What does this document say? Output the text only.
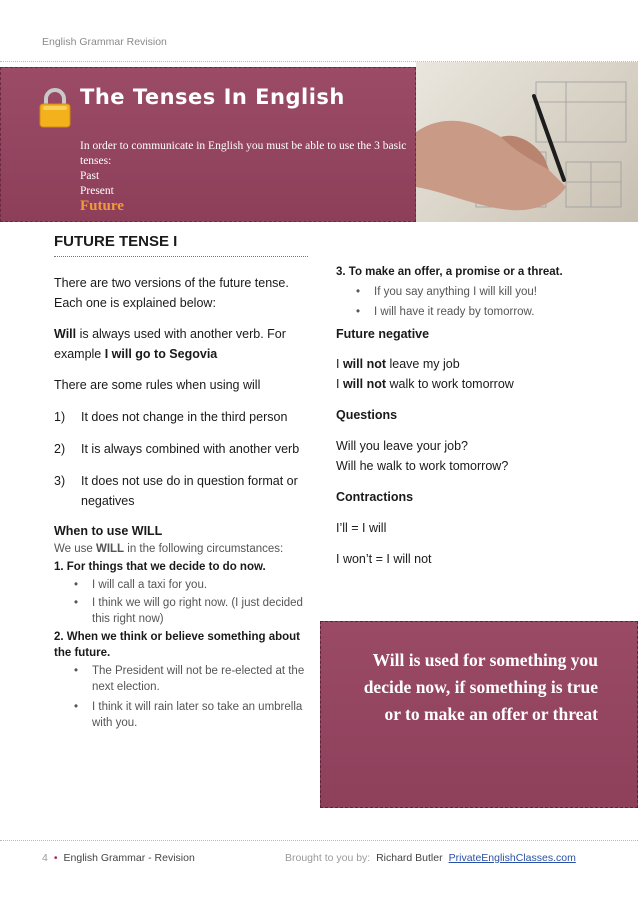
English Grammar Revision
The Tenses In English
In order to communicate in English you must be able to use the 3 basic tenses:
Past
Present
Future
FUTURE TENSE I

There are two versions of the future tense. Each one is explained below:

Will is always used with another verb. For example I will go to Segovia

There are some rules when using will

1)	It does not change in the third person
2)	It is always combined with another verb
3)	It does not use do in question format or negatives

When to use WILL

We use WILL in the following circumstances:

1. For things that we decide to do now.

• I will call a taxi for you.
• I think we will go right now. (I just decided this right now)

2. When we think or believe something about the future.

• The President will not be re-elected at the next election.
• I think it will rain later so take an umbrella with you.

3. To make an offer, a promise or a threat.

• If you say anything I will kill you!
• I will have it ready by tomorrow.

Future negative

I will not leave my job

I will not walk to work tomorrow

Questions

Will you leave your job?

Will he walk to work tomorrow?

Contractions

I’ll = I will

I won’t = I will not

Will is used for something you decide now, if something is true or to make an offer or threat
4 • English Grammar - Revision	Brought to you by: Richard Butler PrivateEnglishClasses.com
